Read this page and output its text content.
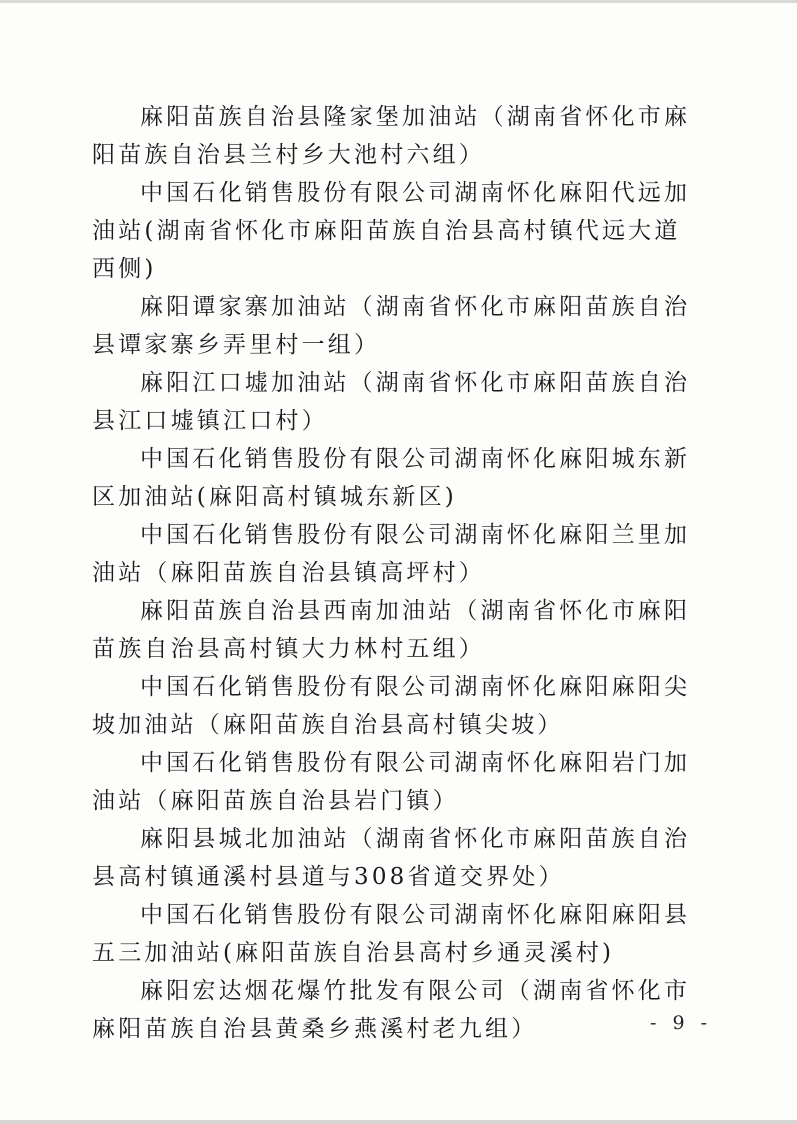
麻阳苗族自治县隆家堡加油站（湖南省怀化市麻阳苗族自治县兰村乡大池村六组）

中国石化销售股份有限公司湖南怀化麻阳代远加油站(湖南省怀化市麻阳苗族自治县高村镇代远大道西侧)

麻阳谭家寨加油站（湖南省怀化市麻阳苗族自治县谭家寨乡弄里村一组）

麻阳江口墟加油站（湖南省怀化市麻阳苗族自治县江口墟镇江口村）

中国石化销售股份有限公司湖南怀化麻阳城东新区加油站(麻阳高村镇城东新区)

中国石化销售股份有限公司湖南怀化麻阳兰里加油站（麻阳苗族自治县镇高坪村）

麻阳苗族自治县西南加油站（湖南省怀化市麻阳苗族自治县高村镇大力林村五组）

中国石化销售股份有限公司湖南怀化麻阳麻阳尖坡加油站（麻阳苗族自治县高村镇尖坡）

中国石化销售股份有限公司湖南怀化麻阳岩门加油站（麻阳苗族自治县岩门镇）

麻阳县城北加油站（湖南省怀化市麻阳苗族自治县高村镇通溪村县道与308省道交界处）

中国石化销售股份有限公司湖南怀化麻阳麻阳县五三加油站(麻阳苗族自治县高村乡通灵溪村)

麻阳宏达烟花爆竹批发有限公司（湖南省怀化市麻阳苗族自治县黄桑乡燕溪村老九组）	- 9 -
